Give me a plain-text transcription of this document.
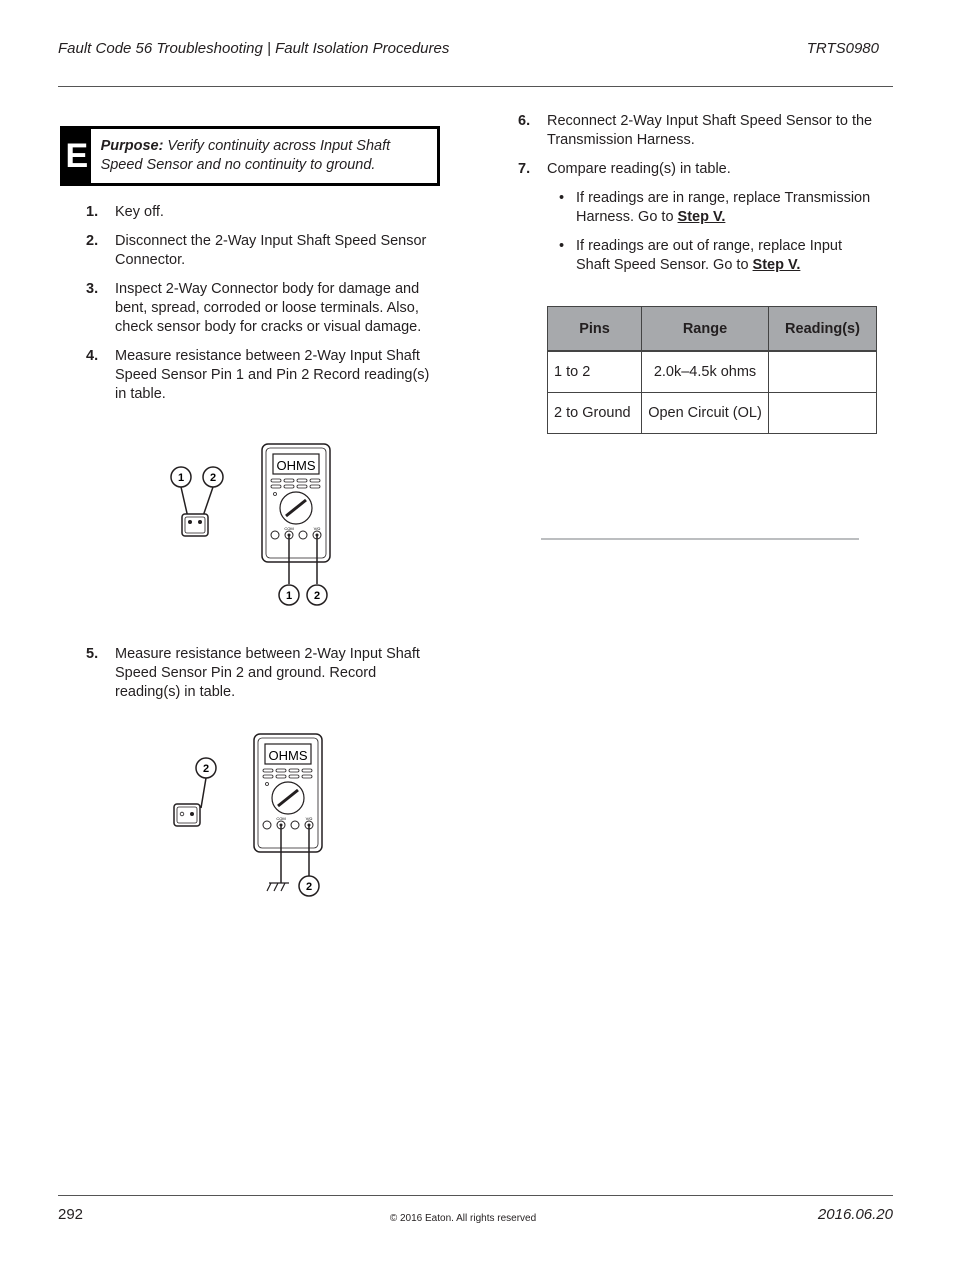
Fault Code 56 Troubleshooting | Fault Isolation Procedures	TRTS0980
E Purpose: Verify continuity across Input Shaft Speed Sensor and no continuity to ground.
1. Key off.
2. Disconnect the 2-Way Input Shaft Speed Sensor Connector.
3. Inspect 2-Way Connector body for damage and bent, spread, corroded or loose terminals. Also, check sensor body for cracks or visual damage.
4. Measure resistance between 2-Way Input Shaft Speed Sensor Pin 1 and Pin 2 Record reading(s) in table.
OHMS
COM	V/Ω
1 2
1 2
5. Measure resistance between 2-Way Input Shaft Speed Sensor Pin 2 and ground. Record reading(s) in table.
OHMS
COM	V/Ω
2
2
6. Reconnect 2-Way Input Shaft Speed Sensor to the Transmission Harness.
7. Compare reading(s) in table.
• If readings are in range, replace Transmission Harness. Go to Step V.
• If readings are out of range, replace Input Shaft Speed Sensor. Go to Step V.
Pins	Range	Reading(s)
1 to 2	2.0k–4.5k ohms	
2 to Ground	Open Circuit (OL)	
292	© 2016 Eaton. All rights reserved	2016.06.20
